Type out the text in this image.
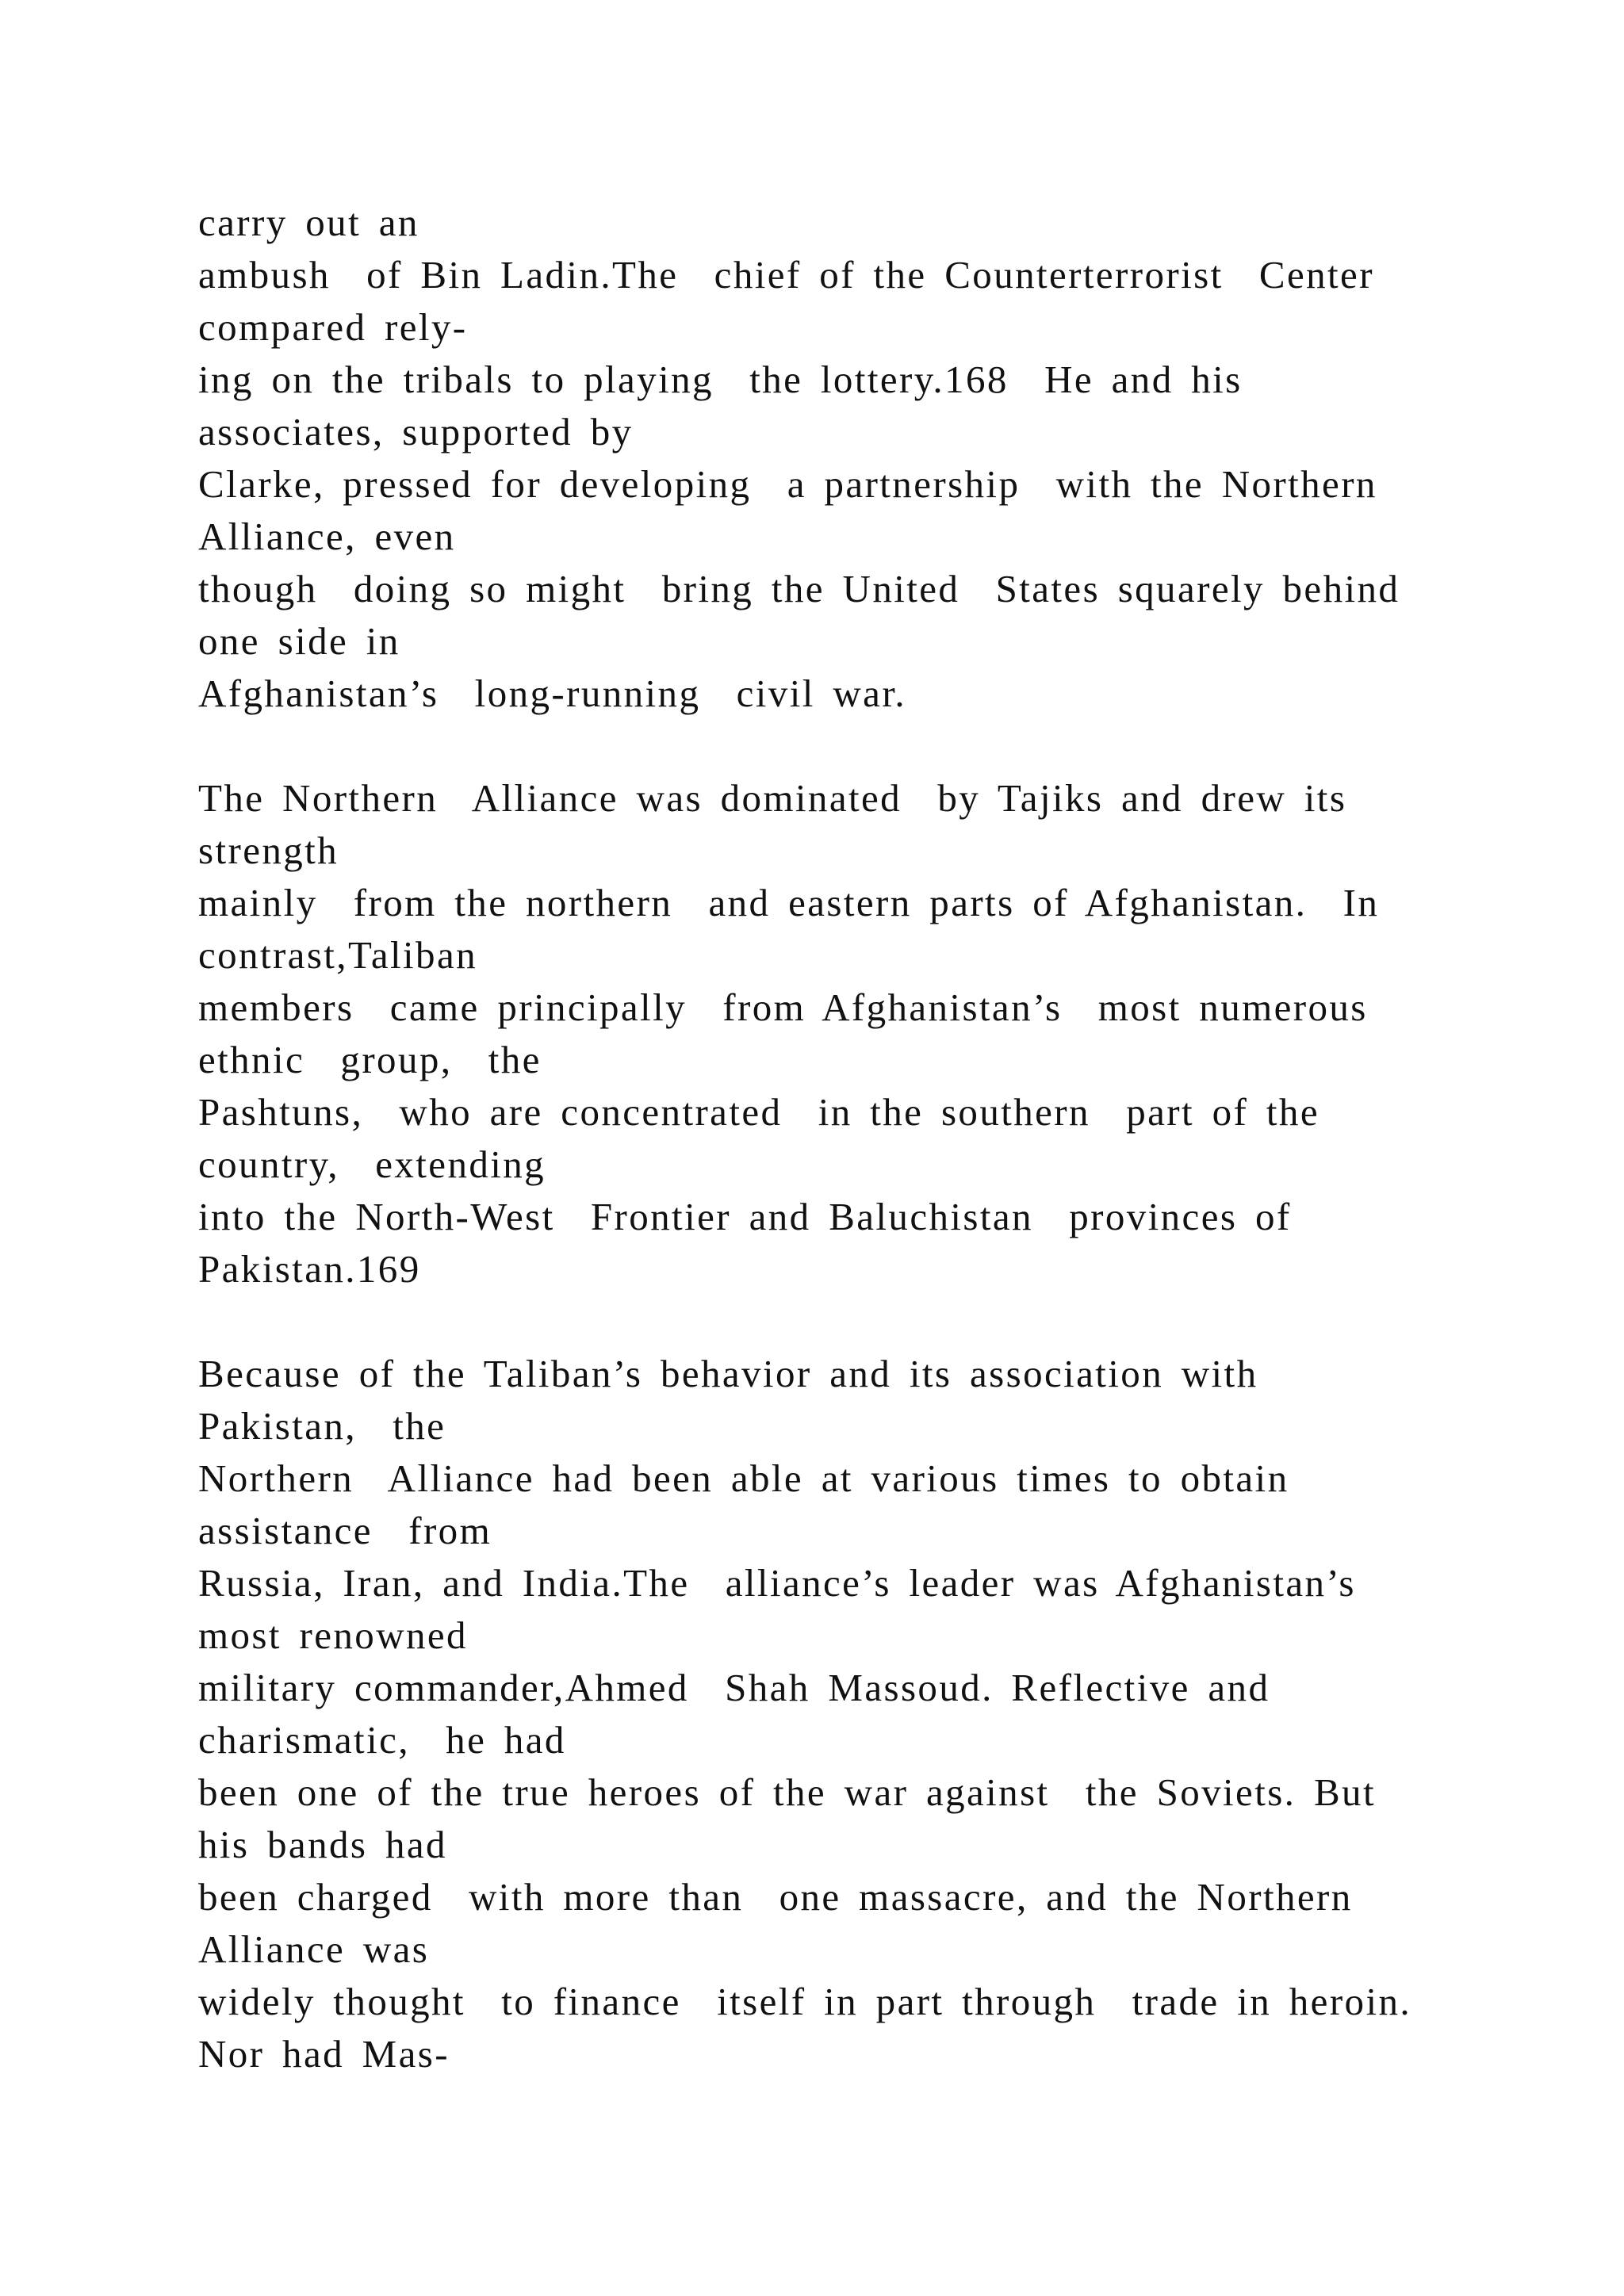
carry out an
ambush  of Bin Ladin.The  chief of the Counterterrorist  Center
compared rely-
ing on the tribals to playing  the lottery.168  He and his
associates, supported by
Clarke, pressed for developing  a partnership  with the Northern
Alliance, even
though  doing so might  bring the United  States squarely behind
one side in
Afghanistan’s  long-running  civil war.
The Northern  Alliance was dominated  by Tajiks and drew its
strength
mainly  from the northern  and eastern parts of Afghanistan.  In
contrast,Taliban
members  came principally  from Afghanistan’s  most numerous
ethnic  group,  the
Pashtuns,  who are concentrated  in the southern  part of the
country,  extending
into the North-West  Frontier and Baluchistan  provinces of
Pakistan.169
Because of the Taliban’s behavior and its association with
Pakistan,  the
Northern  Alliance had been able at various times to obtain
assistance  from
Russia, Iran, and India.The  alliance’s leader was Afghanistan’s
most renowned
military commander,Ahmed  Shah Massoud. Reflective and
charismatic,  he had
been one of the true heroes of the war against  the Soviets. But
his bands had
been charged  with more than  one massacre, and the Northern
Alliance was
widely thought  to finance  itself in part through  trade in heroin.
Nor had Mas-
